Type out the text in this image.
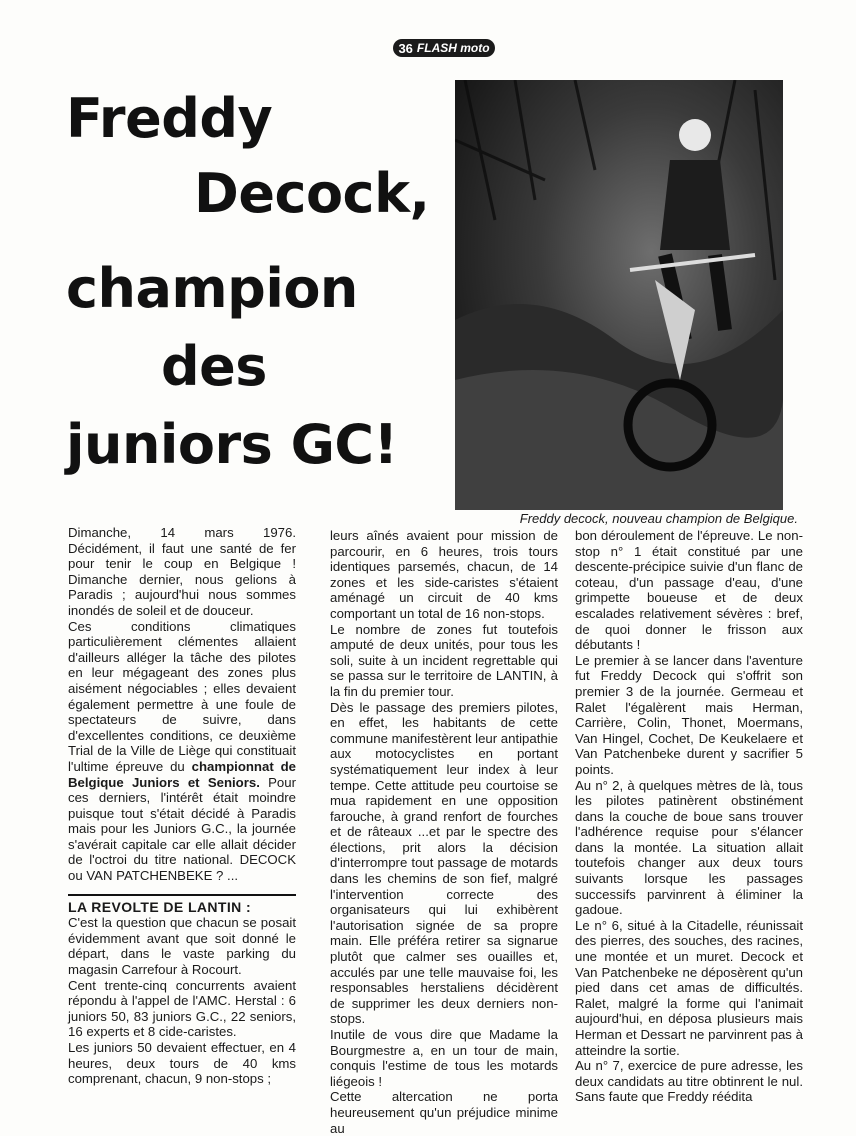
36 FLASH moto
Freddy
Decock,
champion
des
juniors GC!
Freddy decock, nouveau champion de Belgique.

Dimanche, 14 mars 1976. Décidément, il faut une santé de fer pour tenir le coup en Belgique ! Dimanche dernier, nous gelions à Paradis ; aujourd'hui nous sommes inondés de soleil et de douceur.

Ces conditions climatiques particulièrement clémentes allaient d'ailleurs alléger la tâche des pilotes en leur mégageant des zones plus aisément négociables ; elles devaient également permettre à une foule de spectateurs de suivre, dans d'excellentes conditions, ce deuxième Trial de la Ville de Liège qui constituait l'ultime épreuve du championnat de Belgique Juniors et Seniors. Pour ces derniers, l'intérêt était moindre puisque tout s'était décidé à Paradis mais pour les Juniors G.C., la journée s'avérait capitale car elle allait décider de l'octroi du titre national. DECOCK ou VAN PATCHENBEKE ? ...

LA REVOLTE DE LANTIN :

C'est la question que chacun se posait évidemment avant que soit donné le départ, dans le vaste parking du magasin Carrefour à Rocourt.

Cent trente-cinq concurrents avaient répondu à l'appel de l'AMC. Herstal : 6 juniors 50, 83 juniors G.C., 22 seniors, 16 experts et 8 cide-caristes.

Les juniors 50 devaient effectuer, en 4 heures, deux tours de 40 kms comprenant, chacun, 9 non-stops ;

leurs aînés avaient pour mission de parcourir, en 6 heures, trois tours identiques parsemés, chacun, de 14 zones et les side-caristes s'étaient aménagé un circuit de 40 kms comportant un total de 16 non-stops.

Le nombre de zones fut toutefois amputé de deux unités, pour tous les soli, suite à un incident regrettable qui se passa sur le territoire de LANTIN, à la fin du premier tour.

Dès le passage des premiers pilotes, en effet, les habitants de cette commune manifestèrent leur antipathie aux motocyclistes en portant systématiquement leur index à leur tempe. Cette attitude peu courtoise se mua rapidement en une opposition farouche, à grand renfort de fourches et de râteaux ...et par le spectre des élections, prit alors la décision d'interrompre tout passage de motards dans les chemins de son fief, malgré l'intervention correcte des organisateurs qui lui exhibèrent l'autorisation signée de sa propre main. Elle préféra retirer sa signarue plutôt que calmer ses ouailles et, acculés par une telle mauvaise foi, les responsables herstaliens décidèrent de supprimer les deux derniers non-stops.

Inutile de vous dire que Madame la Bourgmestre a, en un tour de main, conquis l'estime de tous les motards liégeois !

Cette altercation ne porta heureusement qu'un préjudice minime au

bon déroulement de l'épreuve. Le non-stop n° 1 était constitué par une descente-précipice suivie d'un flanc de coteau, d'un passage d'eau, d'une grimpette boueuse et de deux escalades relativement sévères : bref, de quoi donner le frisson aux débutants !

Le premier à se lancer dans l'aventure fut Freddy Decock qui s'offrit son premier 3 de la journée. Germeau et Ralet l'égalèrent mais Herman, Carrière, Colin, Thonet, Moermans, Van Hingel, Cochet, De Keukelaere et Van Patchenbeke durent y sacrifier 5 points.

Au n° 2, à quelques mètres de là, tous les pilotes patinèrent obstinément dans la couche de boue sans trouver l'adhérence requise pour s'élancer dans la montée. La situation allait toutefois changer aux deux tours suivants lorsque les passages successifs parvinrent à éliminer la gadoue.

Le n° 6, situé à la Citadelle, réunissait des pierres, des souches, des racines, une montée et un muret. Decock et Van Patchenbeke ne déposèrent qu'un pied dans cet amas de difficultés. Ralet, malgré la forme qui l'animait aujourd'hui, en déposa plusieurs mais Herman et Dessart ne parvinrent pas à atteindre la sortie.

Au n° 7, exercice de pure adresse, les deux candidats au titre obtinrent le nul. Sans faute que Freddy réédita
